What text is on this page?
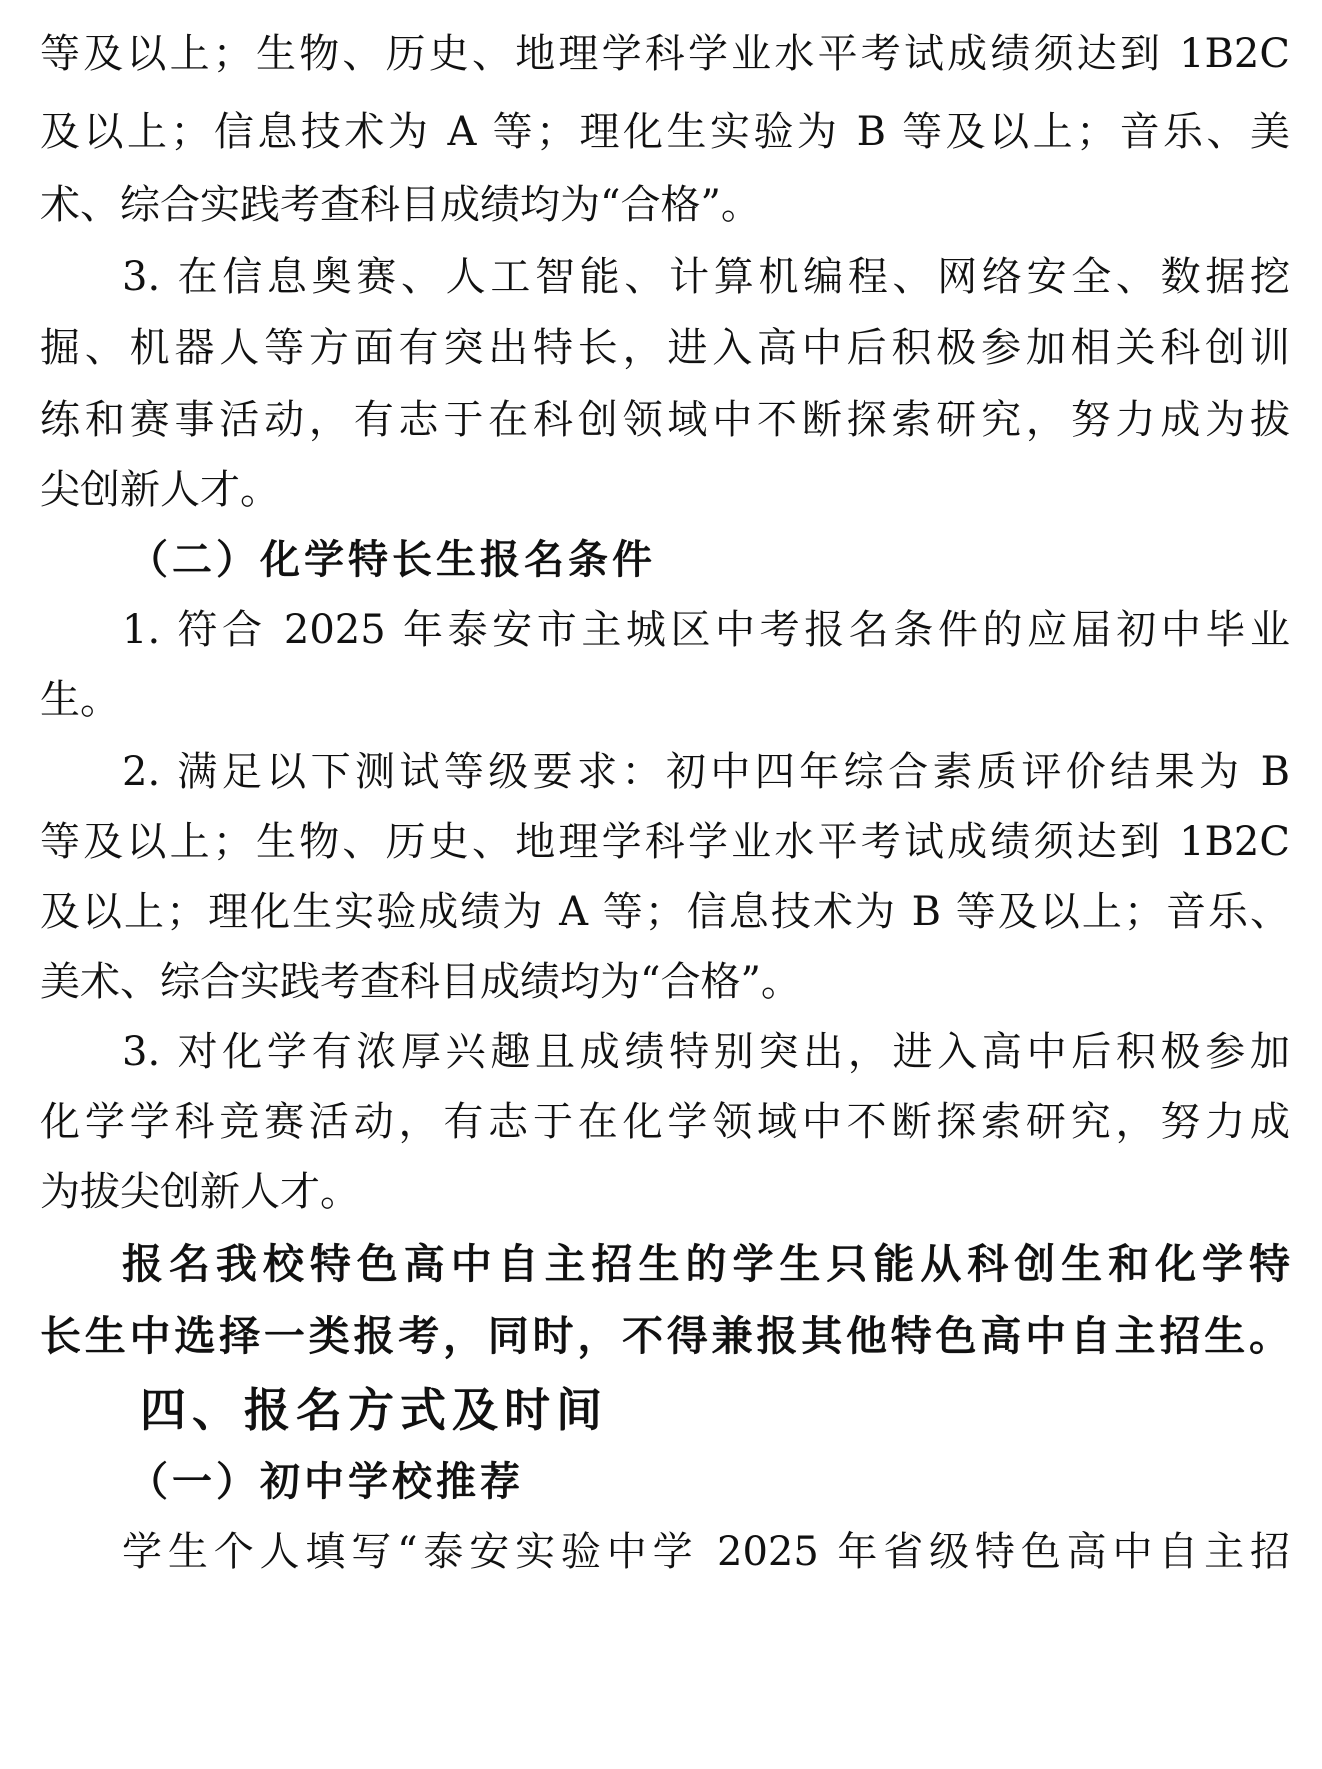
等及以上；生物、历史、地理学科学业水平考试成绩须达到 1B2C
及以上；信息技术为 A 等；理化生实验为 B 等及以上；音乐、美
术、综合实践考查科目成绩均为“合格”。
3. 在信息奥赛、人工智能、计算机编程、网络安全、数据挖
掘、机器人等方面有突出特长，进入高中后积极参加相关科创训
练和赛事活动，有志于在科创领域中不断探索研究，努力成为拔
尖创新人才。
（二）化学特长生报名条件
1. 符合 2025 年泰安市主城区中考报名条件的应届初中毕业
生。
2. 满足以下测试等级要求：初中四年综合素质评价结果为 B
等及以上；生物、历史、地理学科学业水平考试成绩须达到 1B2C
及以上；理化生实验成绩为 A 等；信息技术为 B 等及以上；音乐、
美术、综合实践考查科目成绩均为“合格”。
3. 对化学有浓厚兴趣且成绩特别突出，进入高中后积极参加
化学学科竞赛活动，有志于在化学领域中不断探索研究，努力成
为拔尖创新人才。
报名我校特色高中自主招生的学生只能从科创生和化学特
长生中选择一类报考，同时，不得兼报其他特色高中自主招生。
四、报名方式及时间
（一）初中学校推荐
学生个人填写“泰安实验中学 2025 年省级特色高中自主招
